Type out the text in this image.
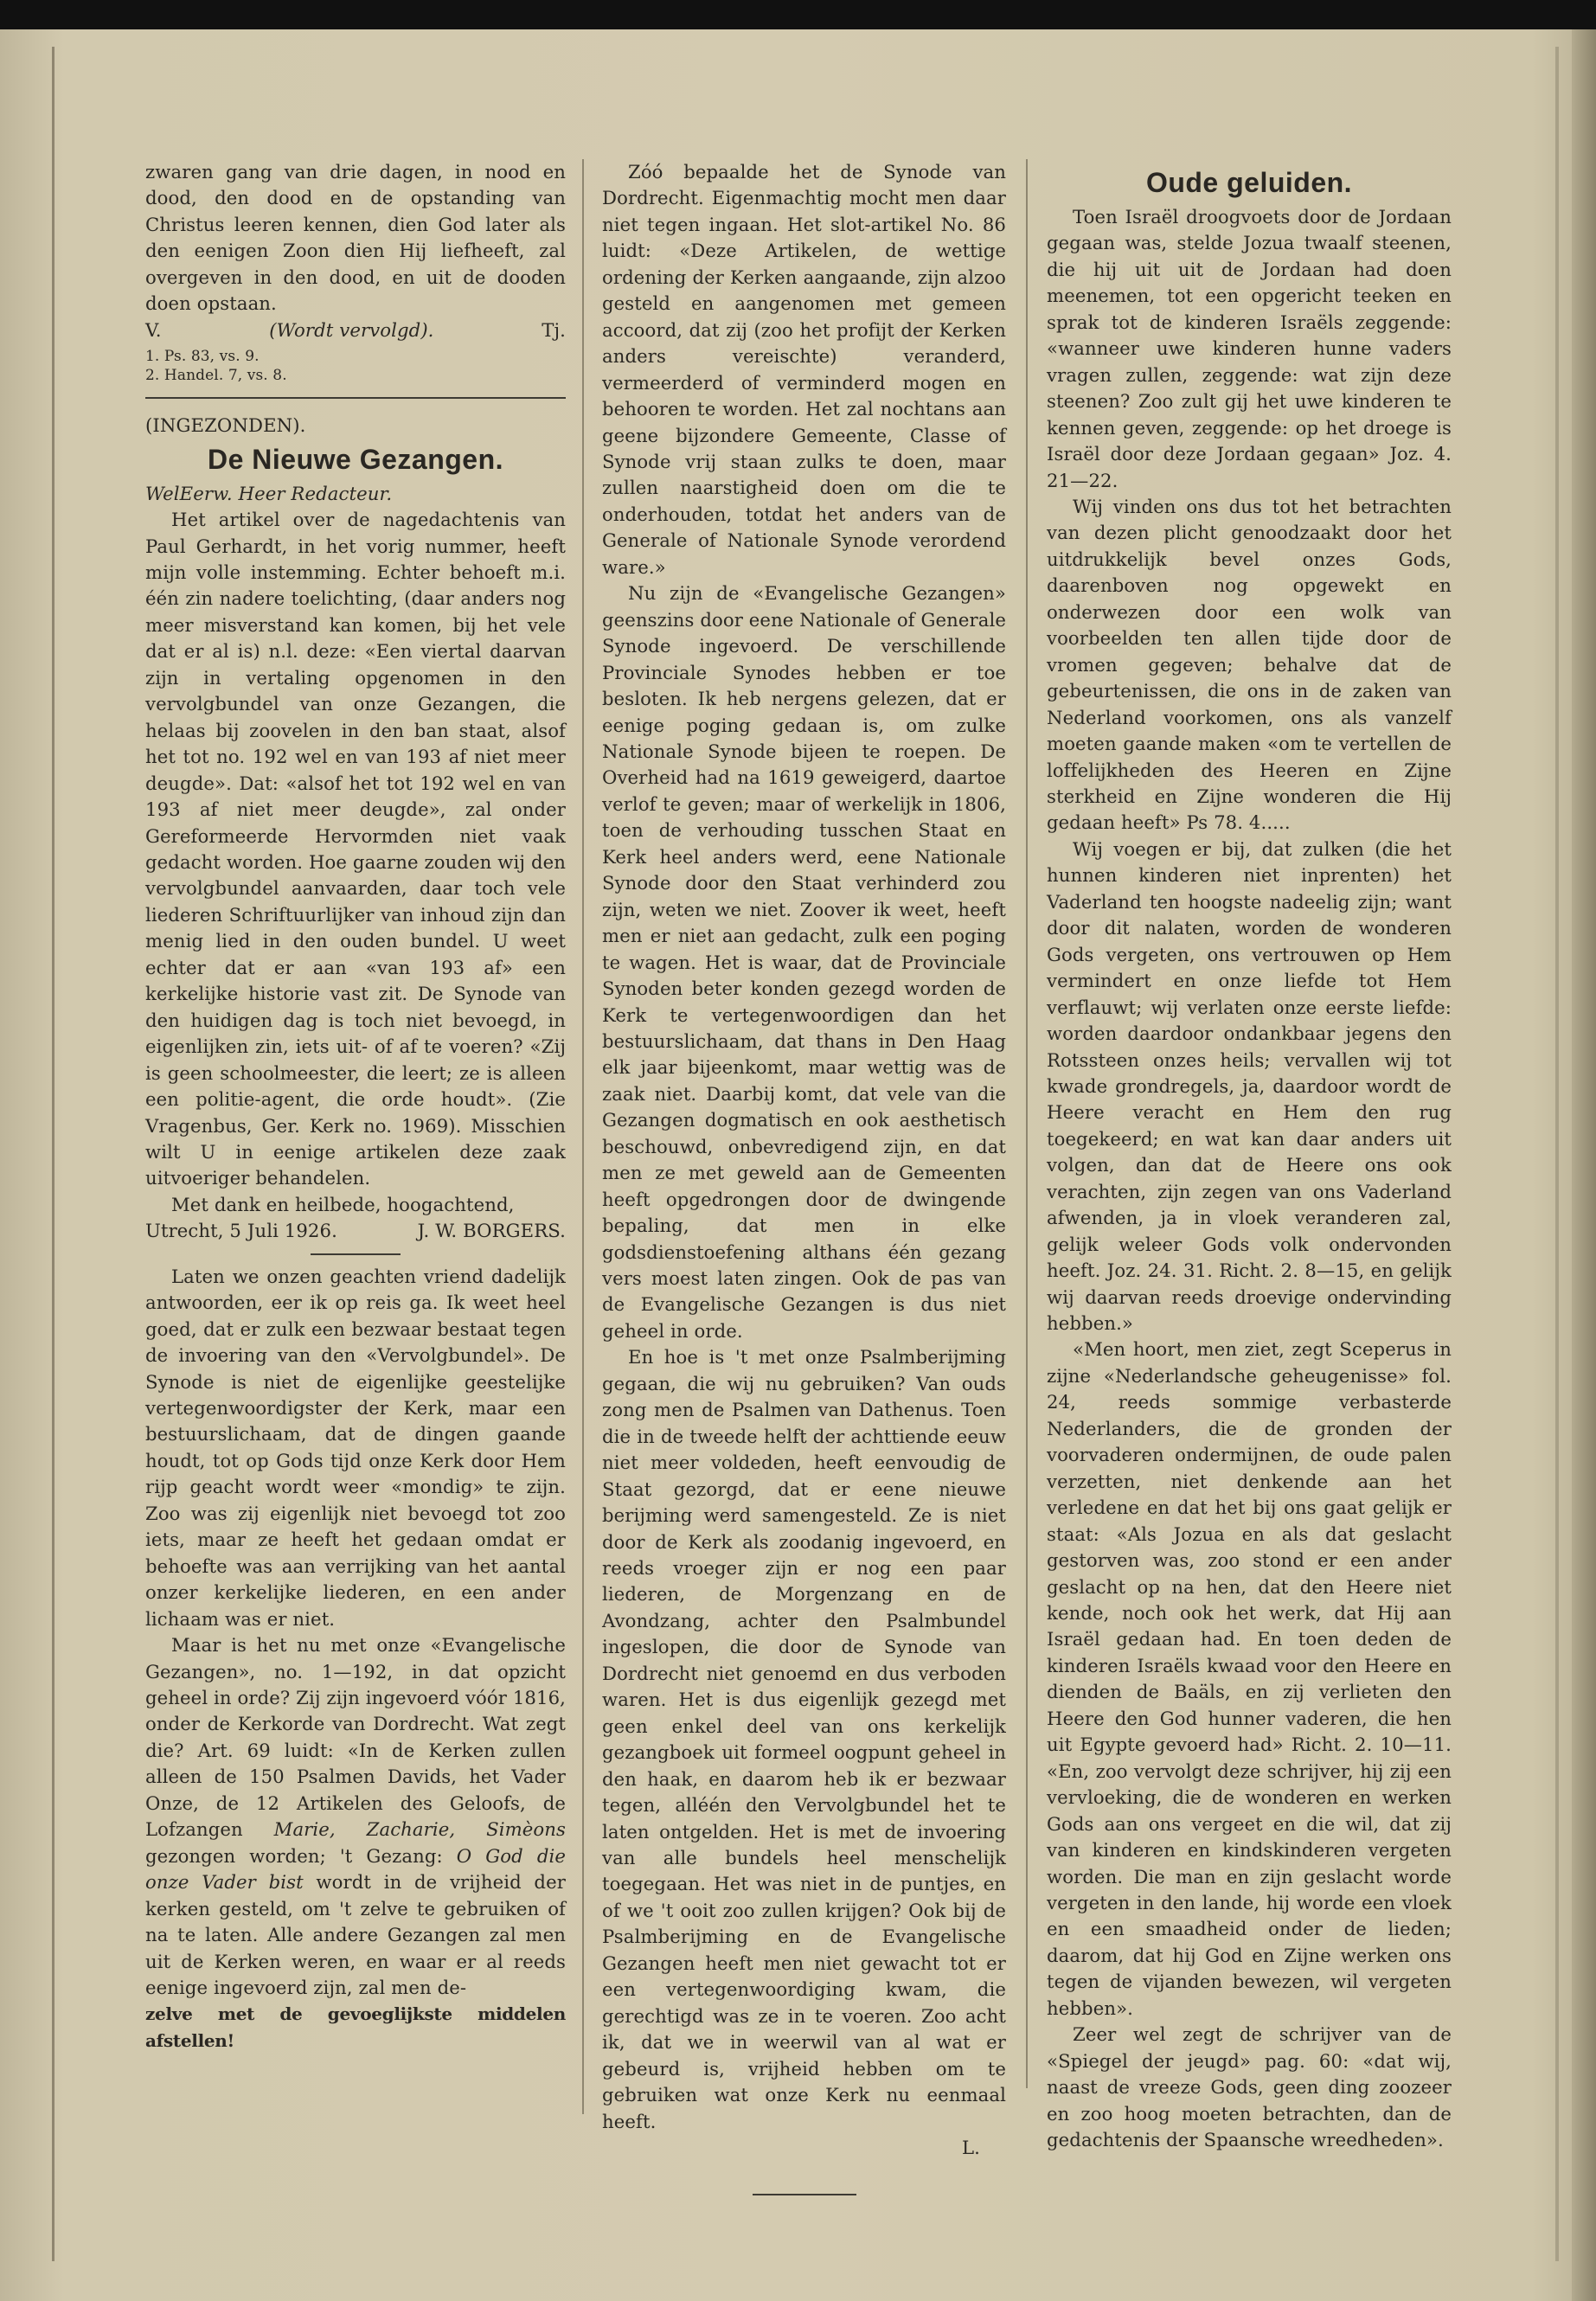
zwaren gang van drie dagen, in nood en dood, den dood en de opstanding van Christus leeren kennen, dien God later als den eenigen Zoon dien Hij liefheeft, zal overgeven in den dood, en uit de dooden doen opstaan.

V.	(Wordt vervolgd).	Tj.
1. Ps. 83, vs. 9.
2. Handel. 7, vs. 8.

(INGEZONDEN).

De Nieuwe Gezangen.

WelEerw. Heer Redacteur.

Het artikel over de nagedachtenis van Paul Gerhardt, in het vorig nummer, heeft mijn volle instemming. Echter behoeft m.i. één zin nadere toelichting, (daar anders nog meer misverstand kan komen, bij het vele dat er al is) n.l. deze: «Een viertal daarvan zijn in vertaling opgenomen in den vervolgbundel van onze Gezangen, die helaas bij zoovelen in den ban staat, alsof het tot no. 192 wel en van 193 af niet meer deugde». Dat: «alsof het tot 192 wel en van 193 af niet meer deugde», zal onder Gereformeerde Hervormden niet vaak gedacht worden. Hoe gaarne zouden wij den vervolgbundel aanvaarden, daar toch vele liederen Schriftuurlijker van inhoud zijn dan menig lied in den ouden bundel. U weet echter dat er aan «van 193 af» een kerkelijke historie vast zit. De Synode van den huidigen dag is toch niet bevoegd, in eigenlijken zin, iets uit- of af te voeren? «Zij is geen schoolmeester, die leert; ze is alleen een politie-agent, die orde houdt». (Zie Vragenbus, Ger. Kerk no. 1969). Misschien wilt U in eenige artikelen deze zaak uitvoeriger behandelen.

Met dank en heilbede, hoogachtend,

Utrecht, 5 Juli 1926.	J. W. BORGERS.

Laten we onzen geachten vriend dadelijk antwoorden, eer ik op reis ga. Ik weet heel goed, dat er zulk een bezwaar bestaat tegen de invoering van den «Vervolgbundel». De Synode is niet de eigenlijke geestelijke vertegenwoordigster der Kerk, maar een bestuurslichaam, dat de dingen gaande houdt, tot op Gods tijd onze Kerk door Hem rijp geacht wordt weer «mondig» te zijn. Zoo was zij eigenlijk niet bevoegd tot zoo iets, maar ze heeft het gedaan omdat er behoefte was aan verrijking van het aantal onzer kerkelijke liederen, en een ander lichaam was er niet.

Maar is het nu met onze «Evangelische Gezangen», no. 1—192, in dat opzicht geheel in orde? Zij zijn ingevoerd vóór 1816, onder de Kerkorde van Dordrecht. Wat zegt die? Art. 69 luidt: «In de Kerken zullen alleen de 150 Psalmen Davids, het Vader Onze, de 12 Artikelen des Geloofs, de Lofzangen Marie, Zacharie, Simèons gezongen worden; 't Gezang: O God die onze Vader bist wordt in de vrijheid der kerken gesteld, om 't zelve te gebruiken of na te laten. Alle andere Gezangen zal men uit de Kerken weren, en waar er al reeds eenige ingevoerd zijn, zal men de-

zelve met de gevoeglijkste middelen afstellen!

Zóó bepaalde het de Synode van Dordrecht. Eigenmachtig mocht men daar niet tegen ingaan. Het slot-artikel No. 86 luidt: «Deze Artikelen, de wettige ordening der Kerken aangaande, zijn alzoo gesteld en aangenomen met gemeen accoord, dat zij (zoo het profijt der Kerken anders vereischte) veranderd, vermeerderd of verminderd mogen en behooren te worden. Het zal nochtans aan geene bijzondere Gemeente, Classe of Synode vrij staan zulks te doen, maar zullen naarstigheid doen om die te onderhouden, totdat het anders van de Generale of Nationale Synode verordend ware.»

Nu zijn de «Evangelische Gezangen» geenszins door eene Nationale of Generale Synode ingevoerd. De verschillende Provinciale Synodes hebben er toe besloten. Ik heb nergens gelezen, dat er eenige poging gedaan is, om zulke Nationale Synode bijeen te roepen. De Overheid had na 1619 geweigerd, daartoe verlof te geven; maar of werkelijk in 1806, toen de verhouding tusschen Staat en Kerk heel anders werd, eene Nationale Synode door den Staat verhinderd zou zijn, weten we niet. Zoover ik weet, heeft men er niet aan gedacht, zulk een poging te wagen. Het is waar, dat de Provinciale Synoden beter konden gezegd worden de Kerk te vertegenwoordigen dan het bestuurslichaam, dat thans in Den Haag elk jaar bijeenkomt, maar wettig was de zaak niet. Daarbij komt, dat vele van die Gezangen dogmatisch en ook aesthetisch beschouwd, onbevredigend zijn, en dat men ze met geweld aan de Gemeenten heeft opgedrongen door de dwingende bepaling, dat men in elke godsdienstoefening althans één gezang vers moest laten zingen. Ook de pas van de Evangelische Gezangen is dus niet geheel in orde.

En hoe is 't met onze Psalmberijming gegaan, die wij nu gebruiken? Van ouds zong men de Psalmen van Dathenus. Toen die in de tweede helft der achttiende eeuw niet meer voldeden, heeft eenvoudig de Staat gezorgd, dat er eene nieuwe berijming werd samengesteld. Ze is niet door de Kerk als zoodanig ingevoerd, en reeds vroeger zijn er nog een paar liederen, de Morgenzang en de Avondzang, achter den Psalmbundel ingeslopen, die door de Synode van Dordrecht niet genoemd en dus verboden waren. Het is dus eigenlijk gezegd met geen enkel deel van ons kerkelijk gezangboek uit formeel oogpunt geheel in den haak, en daarom heb ik er bezwaar tegen, alléén den Vervolgbundel het te laten ontgelden. Het is met de invoering van alle bundels heel menschelijk toegegaan. Het was niet in de puntjes, en of we 't ooit zoo zullen krijgen? Ook bij de Psalmberijming en de Evangelische Gezangen heeft men niet gewacht tot er een vertegenwoordiging kwam, die gerechtigd was ze in te voeren. Zoo acht ik, dat we in weerwil van al wat er gebeurd is, vrijheid hebben om te gebruiken wat onze Kerk nu eenmaal heeft.

L.
Oude geluiden.

Toen Israël droogvoets door de Jordaan gegaan was, stelde Jozua twaalf steenen, die hij uit uit de Jordaan had doen meenemen, tot een opgericht teeken en sprak tot de kinderen Israëls zeggende: «wanneer uwe kinderen hunne vaders vragen zullen, zeggende: wat zijn deze steenen? Zoo zult gij het uwe kinderen te kennen geven, zeggende: op het droege is Israël door deze Jordaan gegaan» Joz. 4. 21—22.

Wij vinden ons dus tot het betrachten van dezen plicht genoodzaakt door het uitdrukkelijk bevel onzes Gods, daarenboven nog opgewekt en onderwezen door een wolk van voorbeelden ten allen tijde door de vromen gegeven; behalve dat de gebeurtenissen, die ons in de zaken van Nederland voorkomen, ons als vanzelf moeten gaande maken «om te vertellen de loffelijkheden des Heeren en Zijne sterkheid en Zijne wonderen die Hij gedaan heeft» Ps 78. 4.....

Wij voegen er bij, dat zulken (die het hunnen kinderen niet inprenten) het Vaderland ten hoogste nadeelig zijn; want door dit nalaten, worden de wonderen Gods vergeten, ons vertrouwen op Hem vermindert en onze liefde tot Hem verflauwt; wij verlaten onze eerste liefde: worden daardoor ondankbaar jegens den Rotssteen onzes heils; vervallen wij tot kwade grondregels, ja, daardoor wordt de Heere veracht en Hem den rug toegekeerd; en wat kan daar anders uit volgen, dan dat de Heere ons ook verachten, zijn zegen van ons Vaderland afwenden, ja in vloek veranderen zal, gelijk weleer Gods volk ondervonden heeft. Joz. 24. 31. Richt. 2. 8—15, en gelijk wij daarvan reeds droevige ondervinding hebben.»

«Men hoort, men ziet, zegt Sceperus in zijne «Nederlandsche geheugenisse» fol. 24, reeds sommige verbasterde Nederlanders, die de gronden der voorvaderen ondermijnen, de oude palen verzetten, niet denkende aan het verledene en dat het bij ons gaat gelijk er staat: «Als Jozua en als dat geslacht gestorven was, zoo stond er een ander geslacht op na hen, dat den Heere niet kende, noch ook het werk, dat Hij aan Israël gedaan had. En toen deden de kinderen Israëls kwaad voor den Heere en dienden de Baäls, en zij verlieten den Heere den God hunner vaderen, die hen uit Egypte gevoerd had» Richt. 2. 10—11. «En, zoo vervolgt deze schrijver, hij zij een vervloeking, die de wonderen en werken Gods aan ons vergeet en die wil, dat zij van kinderen en kindskinderen vergeten worden. Die man en zijn geslacht worde vergeten in den lande, hij worde een vloek en een smaadheid onder de lieden; daarom, dat hij God en Zijne werken ons tegen de vijanden bewezen, wil vergeten hebben».

Zeer wel zegt de schrijver van de «Spiegel der jeugd» pag. 60: «dat wij, naast de vreeze Gods, geen ding zoozeer en zoo hoog moeten betrachten, dan de gedachtenis der Spaansche wreedheden».
